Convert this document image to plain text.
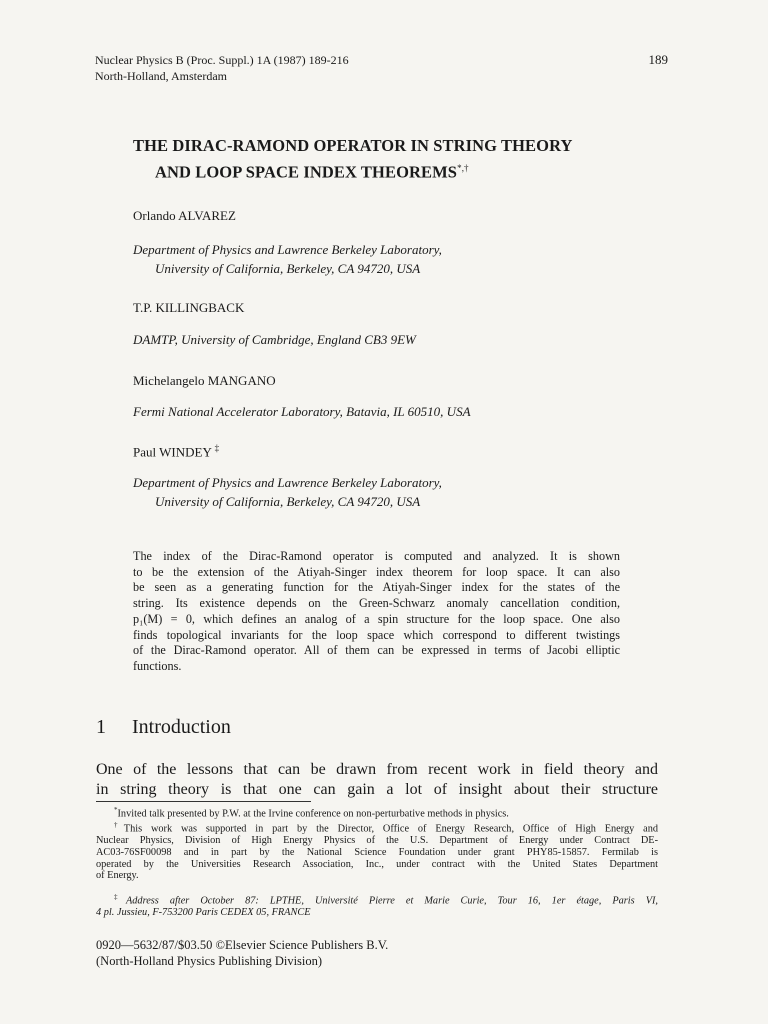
Nuclear Physics B (Proc. Suppl.) 1A (1987) 189-216
North-Holland, Amsterdam
189
THE DIRAC-RAMOND OPERATOR IN STRING THEORY
AND LOOP SPACE INDEX THEOREMS*,†
Orlando ALVAREZ
Department of Physics and Lawrence Berkeley Laboratory,
University of California, Berkeley, CA 94720, USA
T.P. KILLINGBACK
DAMTP, University of Cambridge, England CB3 9EW
Michelangelo MANGANO
Fermi National Accelerator Laboratory, Batavia, IL 60510, USA
Paul WINDEY ‡
Department of Physics and Lawrence Berkeley Laboratory,
University of California, Berkeley, CA 94720, USA
The index of the Dirac-Ramond operator is computed and analyzed. It is shown
to be the extension of the Atiyah-Singer index theorem for loop space. It can also
be seen as a generating function for the Atiyah-Singer index for the states of the
string. Its existence depends on the Green-Schwarz anomaly cancellation condition,
p₁(M) = 0, which defines an analog of a spin structure for the loop space. One also
finds topological invariants for the loop space which correspond to different twistings
of the Dirac-Ramond operator. All of them can be expressed in terms of Jacobi elliptic
functions.
1 Introduction
One of the lessons that can be drawn from recent work in field theory and
in string theory is that one can gain a lot of insight about their structure
*Invited talk presented by P.W. at the Irvine conference on non-perturbative methods in physics.
†This work was supported in part by the Director, Office of Energy Research, Office of High Energy and
Nuclear Physics, Division of High Energy Physics of the U.S. Department of Energy under Contract DE-
AC03-76SF00098 and in part by the National Science Foundation under grant PHY85-15857. Fermilab is
operated by the Universities Research Association, Inc., under contract with the United States Department
of Energy.
‡Address after October 87: LPTHE, Université Pierre et Marie Curie, Tour 16, 1er étage, Paris VI,
4 pl. Jussieu, F-753200 Paris CEDEX 05, FRANCE
0920—5632/87/$03.50 ©Elsevier Science Publishers B.V.
(North-Holland Physics Publishing Division)
